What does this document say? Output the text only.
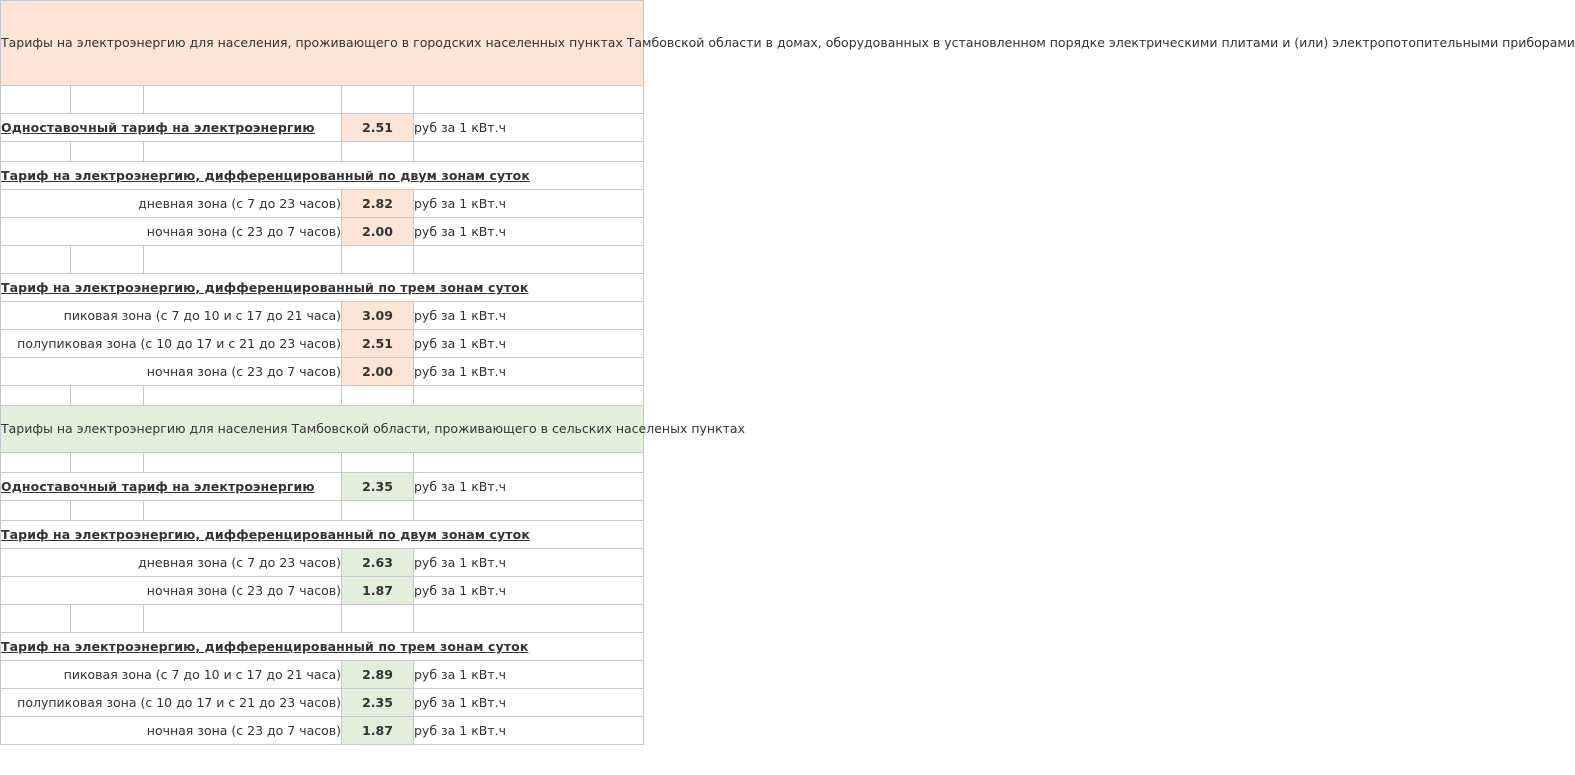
Тарифы на электроэнергию для населения, проживающего в городских населенных пунктах Тамбовской области в домах, оборудованных в установленном порядке электрическими плитами и (или) электропотопительными приборами				

Одноставочный тариф на электроэнергию			2.51	руб за 1 кВт.ч

Тариф на электроэнергию, дифференцированный по двум зонам суток				
дневная зона (с 7 до 23 часов)			2.82	руб за 1 кВт.ч
ночная зона (с 23 до 7 часов)			2.00	руб за 1 кВт.ч

Тариф на электроэнергию, дифференцированный по трем зонам суток				
пиковая зона (с 7 до 10 и с 17 до 21 часа)			3.09	руб за 1 кВт.ч
полупиковая зона (с 10 до 17 и с 21 до 23 часов)			2.51	руб за 1 кВт.ч
ночная зона (с 23 до 7 часов)			2.00	руб за 1 кВт.ч

Тарифы на электроэнергию для населения Тамбовской области, проживающего в сельских населеных пунктах				

Одноставочный тариф на электроэнергию			2.35	руб за 1 кВт.ч

Тариф на электроэнергию, дифференцированный по двум зонам суток				
дневная зона (с 7 до 23 часов)			2.63	руб за 1 кВт.ч
ночная зона (с 23 до 7 часов)			1.87	руб за 1 кВт.ч

Тариф на электроэнергию, дифференцированный по трем зонам суток				
пиковая зона (с 7 до 10 и с 17 до 21 часа)			2.89	руб за 1 кВт.ч
полупиковая зона (с 10 до 17 и с 21 до 23 часов)			2.35	руб за 1 кВт.ч
ночная зона (с 23 до 7 часов)			1.87	руб за 1 кВт.ч
